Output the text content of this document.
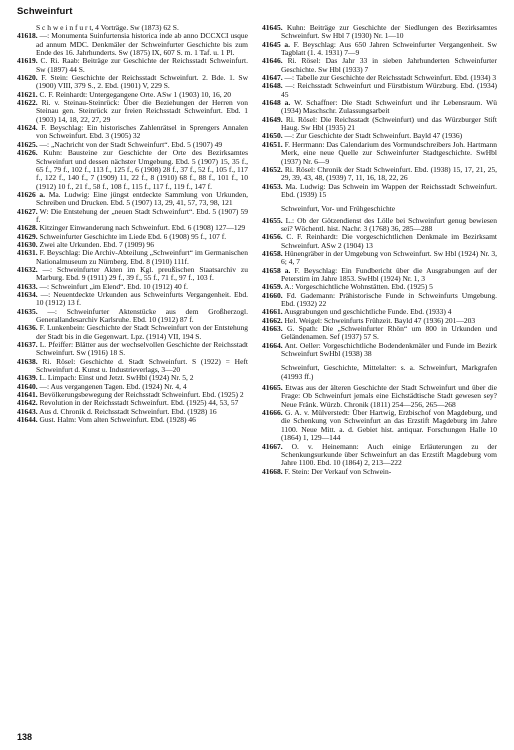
Schweinfurt

S c h w e i n f u r t, 4 Vorträge. Sw (1873) 62 S.

41618. —: Monumenta Suinfurtensia historica inde ab anno DCCXCI usque ad annum MDC. Denkmäler der Schweinfurter Geschichte bis zum Ende des 16. Jahrhunderts. Sw (1875) IX, 607 S. m. 1 Taf. u. 1 Pl.

41619. C. Ri. Raab: Beiträge zur Geschichte der Reichsstadt Schweinfurt. Sw (1897) 44 S.

41620. F. Stein: Geschichte der Reichsstadt Schweinfurt. 2. Bde. 1. Sw (1900) VIII, 379 S., 2. Ebd. (1901) V, 229 S.

41621. C. F. Reinhardt: Untergegangene Orte. ASw 1 (1903) 10, 16, 20

41622. Ri. v. Steinau-Steinrück: Über die Beziehungen der Herren von Steinau gen. Steinrück zur freien Reichsstadt Schweinfurt. Ebd. 1 (1903) 14, 18, 22, 27, 29

41624. F. Beyschlag: Ein historisches Zahlenrätsel in Sprengers Annalen von Schweinfurt. Ebd. 3 (1905) 32

41625. —: „Nachricht von der Stadt Schweinfurt“. Ebd. 5 (1907) 49

41626. Kuhn: Bausteine zur Geschichte der Orte des Bezirksamtes Schweinfurt und dessen nächster Umgebung. Ebd. 5 (1907) 15, 35 f., 65 f., 79 f., 102 f., 113 f., 125 f., 6 (1908) 28 f., 37 f., 52 f., 105 f., 117 f., 122 f., 140 f., 7 (1909) 11, 22 f., 8 (1910) 68 f., 88 f., 101 f., 10 (1912) 10 f., 21 f., 58 f., 108 f., 115 f., 117 f., 119 f., 147 f.

41626 a. Ma. Ludwig: Eine jüngst entdeckte Sammlung von Urkunden, Schreiben und Drucken. Ebd. 5 (1907) 13, 29, 41, 57, 73, 98, 121

41627. W: Die Entstehung der „neuen Stadt Schweinfurt“. Ebd. 5 (1907) 59 f.

41628. Kitzinger Einwanderung nach Schweinfurt. Ebd. 6 (1908) 127—129

41629. Schweinfurter Geschichte im Liede Ebd. 6 (1908) 95 f., 107 f.

41630. Zwei alte Urkunden. Ebd. 7 (1909) 96

41631. F. Beyschlag: Die Archiv-Abteilung „Schweinfurt“ im Germanischen Nationalmuseum zu Nürnberg. Ebd. 8 (1910) 111f.

41632. —: Schweinfurter Akten im Kgl. preußischen Staatsarchiv zu Marburg. Ebd. 9 (1911) 29 f., 39 f., 55 f., 71 f., 97 f., 103 f.

41633. —: Schweinfurt „im Elend“. Ebd. 10 (1912) 40 f.

41634. —: Neuentdeckte Urkunden aus Schweinfurts Vergangenheit. Ebd. 10 (1912) 13 f.

41635. —: Schweinfurter Aktenstücke aus dem Großherzogl. Generallandesarchiv Karlsruhe. Ebd. 10 (1912) 87 f.

41636. F. Lunkenbein: Geschichte der Stadt Schweinfurt von der Entstehung der Stadt bis in die Gegenwart. Lpz. (1914) VII, 194 S.

41637. L. Pfeiffer: Blätter aus der wechselvollen Geschichte der Reichsstadt Schweinfurt. Sw (1916) 18 S.

41638. Ri. Rösel: Geschichte d. Stadt Schweinfurt. S (1922) = Heft Schweinfurt d. Kunst u. Industrieverlags, 3—20

41639. L. Limpach: Einst und Jetzt. SwHbl (1924) Nr. 5, 2

41640. —: Aus vergangenen Tagen. Ebd. (1924) Nr. 4, 4

41641. Bevölkerungsbewegung der Reichsstadt Schweinfurt. Ebd. (1925) 2

41642. Revolution in der Reichsstadt Schweinfurt. Ebd. (1925) 44, 53, 57

41643. Aus d. Chronik d. Reichsstadt Schweinfurt. Ebd. (1928) 16

41644. Gust. Halm: Vom alten Schweinfurt. Ebd. (1928) 46

41645. Kuhn: Beiträge zur Geschichte der Siedlungen des Bezirksamtes Schweinfurt. Sw Hbl 7 (1930) Nr. 1—10

41645 a. F. Beyschlag: Aus 650 Jahren Schweinfurter Vergangenheit. Sw Tagblatt (1. 4. 1931) 7—9

41646. Ri. Rösel: Das Jahr 33 in sieben Jahrhunderten Schweinfurter Geschichte. Sw Hbl (1933) 7

41647. —: Tabelle zur Geschichte der Reichsstadt Schweinfurt. Ebd. (1934) 3

41648. —: Reichsstadt Schweinfurt und Fürstbistum Würzburg. Ebd. (1934) 45

41648 a. W. Schaffner: Die Stadt Schweinfurt und ihr Lebensraum. Wü (1934) Maschschr. Zulassungsarbeit

41649. Ri. Rösel: Die Reichsstadt (Schweinfurt) und das Würzburger Stift Haug. Sw Hbl (1935) 21

41650. —: Zur Geschichte der Stadt Schweinfurt. Bayld 47 (1936)

41651. F. Herrmann: Das Calendarium des Vormundschreibers Joh. Hartmann Merk, eine neue Quelle zur Schweinfurter Stadtgeschichte. SwHbl (1937) Nr. 6—9

41652. Ri. Rösel: Chronik der Stadt Schweinfurt. Ebd. (1938) 15, 17, 21, 25, 29, 39, 43, 48, (1939) 7, 11, 16, 18, 22, 26

41653. Ma. Ludwig: Das Schwein im Wappen der Reichsstadt Schweinfurt. Ebd. (1939) 15

Schweinfurt, Vor- und Frühgeschichte

41655. L.: Ob der Götzendienst des Lölle bei Schweinfurt genug bewiesen sei? Wöchentl. hist. Nachr. 3 (1768) 36, 285—288

41656. C. F. Reinhardt: Die vorgeschichtlichen Denkmale im Bezirksamt Schweinfurt. ASw 2 (1904) 13

41658. Hünengräber in der Umgebung von Schweinfurt. Sw Hbl (1924) Nr. 3, 6; 4, 7

41658 a. F. Beyschlag: Ein Fundbericht über die Ausgrabungen auf der Peterstirn im Jahre 1853. SwHbl (1924) Nr. 1, 3

41659. A.: Vorgeschichtliche Wohnstätten. Ebd. (1925) 5

41660. Fd. Gademann: Prähistorische Funde in Schweinfurts Umgebung. Ebd. (1932) 22

41661. Ausgrabungen und geschichtliche Funde. Ebd. (1933) 4

41662. Hel. Weigel: Schweinfurts Frühzeit. Bayld 47 (1936) 201—203

41663. G. Spath: Die „Schweinfurter Rhön“ um 800 in Urkunden und Geländenamen. Sef (1937) 57 S.

41664. Ant. Oeller: Vorgeschichtliche Bodendenkmäler und Funde im Bezirk Schweinfurt SwHbl (1938) 38

Schweinfurt, Geschichte, Mittelalter: s. a. Schweinfurt, Markgrafen (41993 ff.)

41665. Etwas aus der älteren Geschichte der Stadt Schweinfurt und über die Frage: Ob Schweinfurt jemals eine Eichstädtische Stadt gewesen sey? Neue Fränk. Würzb. Chronik (1811) 254—256, 265—268

41666. G. A. v. Mülverstedt: Über Hartwig, Erzbischof von Magdeburg, und die Schenkung von Schweinfurt an das Erzstift Magdeburg im Jahre 1100. Neue Mitt. a. d. Gebiet hist. antiquar. Forschungen Halle 10 (1864) 1, 129—144

41667. O. v. Heinemann: Auch einige Erläuterungen zu der Schenkungsurkunde über Schweinfurt an das Erzstift Magdeburg vom Jahre 1100. Ebd. 10 (1864) 2, 213—222

41668. F. Stein: Der Verkauf von Schwein-

138
